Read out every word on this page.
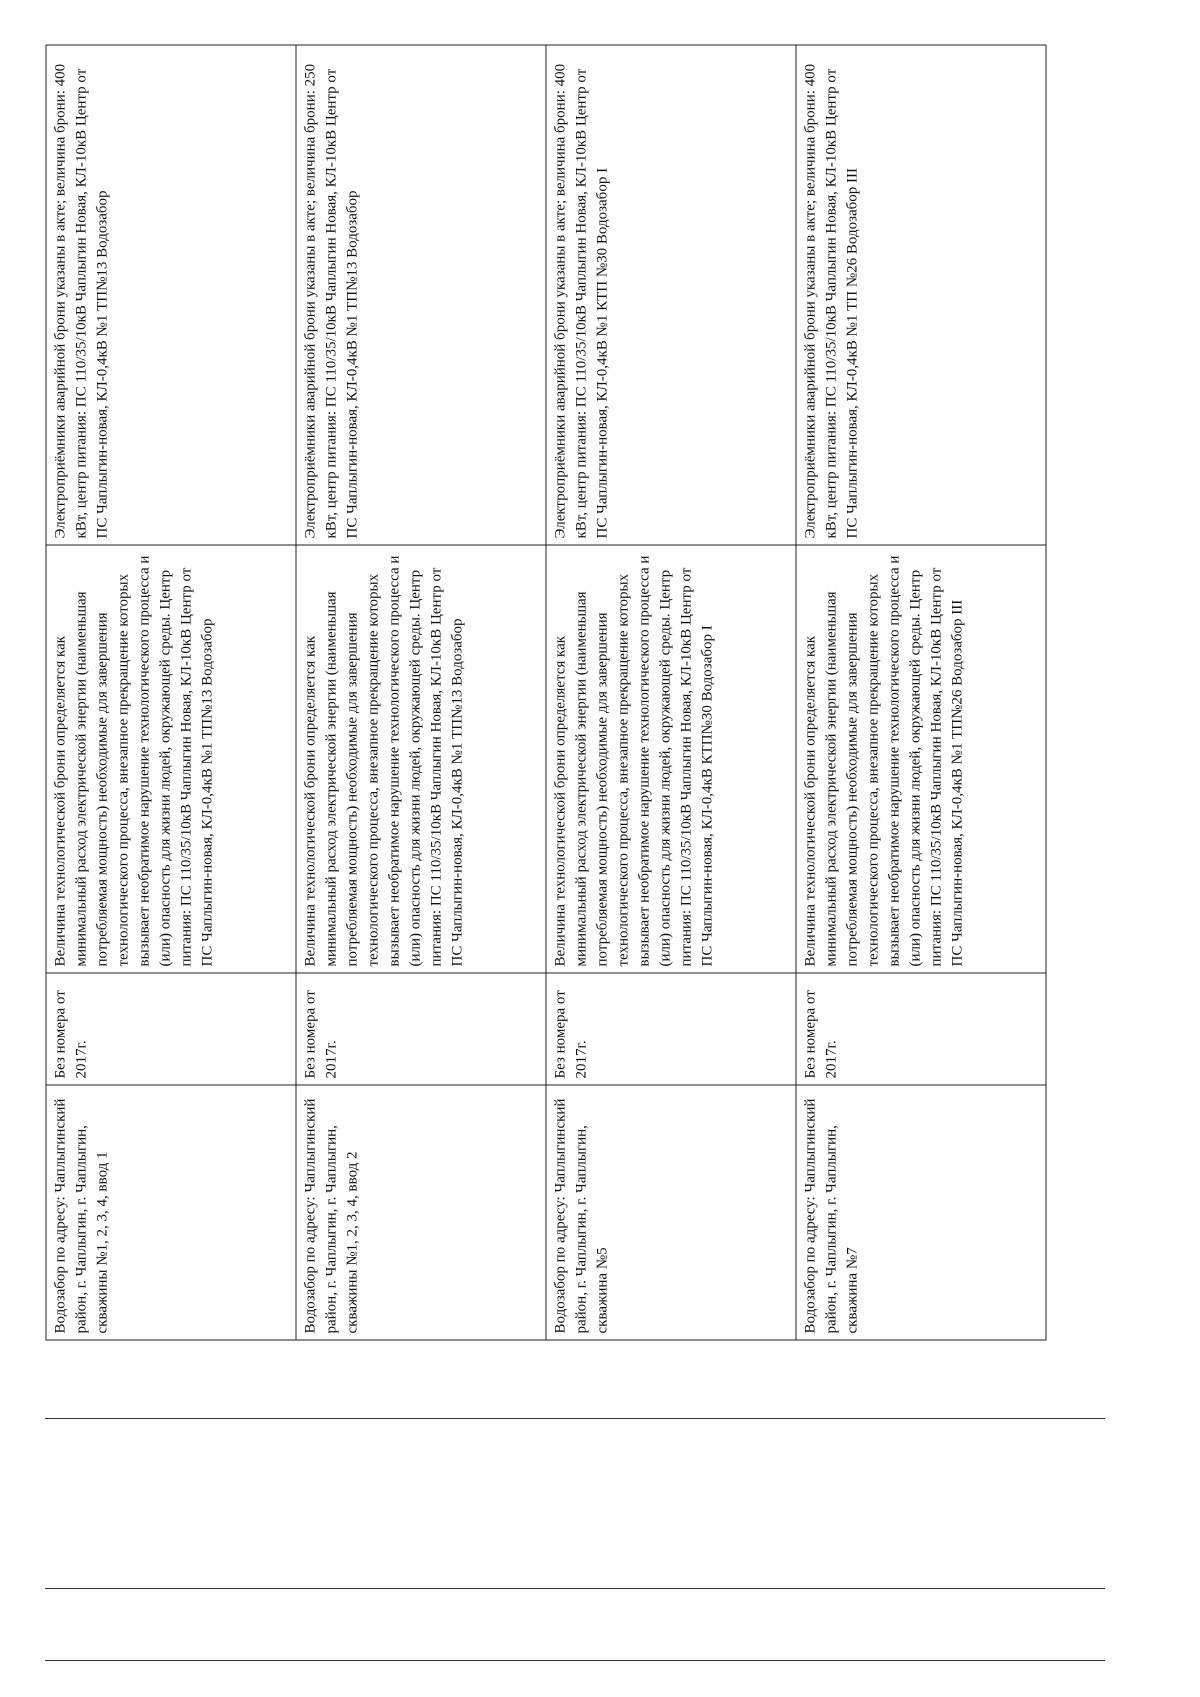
Водозабор по адресу: Чаплыгинский район, г. Чаплыгин, г. Чаплыгин, скважины №1, 2, 3, 4, ввод 1	Без номера от 2017г.	Величина технологической брони определяется как минимальный расход электрической энергии (наименьшая потребляемая мощность) необходимые для завершения технологического процесса, внезапное прекращение которых вызывает необратимое нарушение технологического процесса и (или) опасность для жизни людей, окружающей среды. Центр питания: ПС 110/35/10кВ Чаплыгин Новая, КЛ-10кВ Центр от ПС Чаплыгин-новая, КЛ-0,4кВ №1 ТП№13 Водозабор	Электроприёмники аварийной брони указаны в акте; величина брони: 400 кВт, центр питания: ПС 110/35/10кВ Чаплыгин Новая, КЛ-10кВ Центр от ПС Чаплыгин-новая, КЛ-0,4кВ №1 ТП№13 Водозабор
Водозабор по адресу: Чаплыгинский район, г. Чаплыгин, г. Чаплыгин, скважины №1, 2, 3, 4, ввод 2	Без номера от 2017г.	Величина технологической брони определяется как минимальный расход электрической энергии (наименьшая потребляемая мощность) необходимые для завершения технологического процесса, внезапное прекращение которых вызывает необратимое нарушение технологического процесса и (или) опасность для жизни людей, окружающей среды. Центр питания: ПС 110/35/10кВ Чаплыгин Новая, КЛ-10кВ Центр от ПС Чаплыгин-новая, КЛ-0,4кВ №1 ТП№13 Водозабор	Электроприёмники аварийной брони указаны в акте; величина брони: 250 кВт, центр питания: ПС 110/35/10кВ Чаплыгин Новая, КЛ-10кВ Центр от ПС Чаплыгин-новая, КЛ-0,4кВ №1 ТП№13 Водозабор
Водозабор по адресу: Чаплыгинский район, г. Чаплыгин, г. Чаплыгин, скважина №5	Без номера от 2017г.	Величина технологической брони определяется как минимальный расход электрической энергии (наименьшая потребляемая мощность) необходимые для завершения технологического процесса, внезапное прекращение которых вызывает необратимое нарушение технологического процесса и (или) опасность для жизни людей, окружающей среды. Центр питания: ПС 110/35/10кВ Чаплыгин Новая, КЛ-10кВ Центр от ПС Чаплыгин-новая, КЛ-0,4кВ КТП№30 Водозабор I	Электроприёмники аварийной брони указаны в акте; величина брони: 400 кВт, центр питания: ПС 110/35/10кВ Чаплыгин Новая, КЛ-10кВ Центр от ПС Чаплыгин-новая, КЛ-0,4кВ №1 КТП №30 Водозабор I
Водозабор по адресу: Чаплыгинский район, г. Чаплыгин, г. Чаплыгин, скважина №7	Без номера от 2017г.	Величина технологической брони определяется как минимальный расход электрической энергии (наименьшая потребляемая мощность) необходимые для завершения технологического процесса, внезапное прекращение которых вызывает необратимое нарушение технологического процесса и (или) опасность для жизни людей, окружающей среды. Центр питания: ПС 110/35/10кВ Чаплыгин Новая, КЛ-10кВ Центр от ПС Чаплыгин-новая, КЛ-0,4кВ №1 ТП№26 Водозабор III	Электроприёмники аварийной брони указаны в акте; величина брони: 400 кВт, центр питания: ПС 110/35/10кВ Чаплыгин Новая, КЛ-10кВ Центр от ПС Чаплыгин-новая, КЛ-0,4кВ №1 ТП №26 Водозабор III
